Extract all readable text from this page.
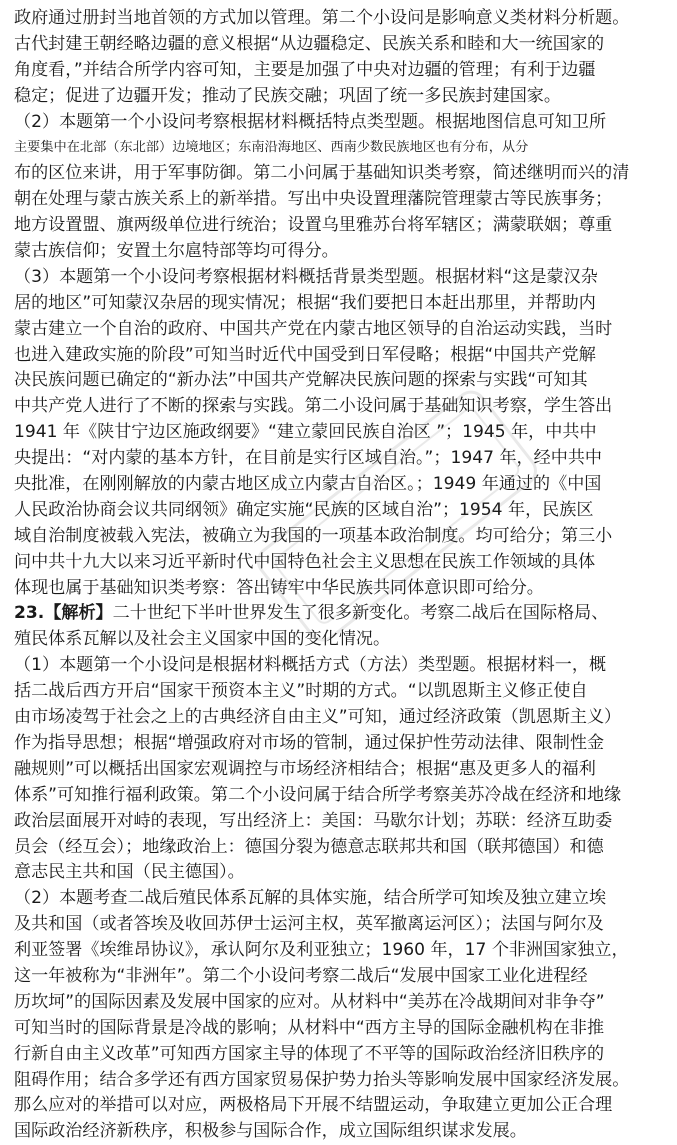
政府通过册封当地首领的方式加以管理。第二个小设问是影响意义类材料分析题。
古代封建王朝经略边疆的意义根据“从边疆稳定、民族关系和睦和大一统国家的
角度看，”并结合所学内容可知，主要是加强了中央对边疆的管理；有利于边疆
稳定；促进了边疆开发；推动了民族交融；巩固了统一多民族封建国家。
（2）本题第一个小设问考察根据材料概括特点类型题。根据地图信息可知卫所
主要集中在北部（东北部）边境地区；东南沿海地区、西南少数民族地区也有分布，从分
布的区位来讲，用于军事防御。第二小问属于基础知识类考察，简述继明而兴的清
朝在处理与蒙古族关系上的新举措。写出中央设置理藩院管理蒙古等民族事务；
地方设置盟、旗两级单位进行统治；设置乌里雅苏台将军辖区；满蒙联姻；尊重
蒙古族信仰；安置土尔扈特部等均可得分。
（3）本题第一个小设问考察根据材料概括背景类型题。根据材料“这是蒙汉杂
居的地区”可知蒙汉杂居的现实情况；根据“我们要把日本赶出那里，并帮助内
蒙古建立一个自治的政府、中国共产党在内蒙古地区领导的自治运动实践，当时
也进入建政实施的阶段”可知当时近代中国受到日军侵略；根据“中国共产党解
决民族问题已确定的“新办法”中国共产党解决民族问题的探索与实践“可知其
中共产党人进行了不断的探索与实践。第二小设问属于基础知识考察，学生答出
1941 年《陕甘宁边区施政纲要》“建立蒙回民族自治区 ”；1945 年，中共中
央提出：“对内蒙的基本方针，在目前是实行区域自治。”；1947 年，经中共中
央批准，在刚刚解放的内蒙古地区成立内蒙古自治区。；1949 年通过的《中国
人民政治协商会议共同纲领》确定实施“民族的区域自治”；1954 年，民族区
域自治制度被载入宪法，被确立为我国的一项基本政治制度。均可给分；第三小
问中共十九大以来习近平新时代中国特色社会主义思想在民族工作领域的具体
体现也属于基础知识类考察：答出铸牢中华民族共同体意识即可给分。
23.【解析】二十世纪下半叶世界发生了很多新变化。考察二战后在国际格局、
殖民体系瓦解以及社会主义国家中国的变化情况。
（1）本题第一个小设问是根据材料概括方式（方法）类型题。根据材料一，概
括二战后西方开启“国家干预资本主义”时期的方式。“以凯恩斯主义修正使自
由市场凌驾于社会之上的古典经济自由主义”可知，通过经济政策（凯恩斯主义）
作为指导思想；根据“增强政府对市场的管制，通过保护性劳动法律、限制性金
融规则”可以概括出国家宏观调控与市场经济相结合；根据“惠及更多人的福利
体系”可知推行福利政策。第二个小设问属于结合所学考察美苏冷战在经济和地缘
政治层面展开对峙的表现，写出经济上：美国：马歇尔计划；苏联：经济互助委
员会（经互会）；地缘政治上：德国分裂为德意志联邦共和国（联邦德国）和德
意志民主共和国（民主德国）。
（2）本题考查二战后殖民体系瓦解的具体实施，结合所学可知埃及独立建立埃
及共和国（或者答埃及收回苏伊士运河主权，英军撤离运河区）；法国与阿尔及
利亚签署《埃维昂协议》，承认阿尔及利亚独立；1960 年，17 个非洲国家独立，
这一年被称为“非洲年”。第二个小设问考察二战后“发展中国家工业化进程经
历坎坷”的国际因素及发展中国家的应对。从材料中“美苏在冷战期间对非争夺”
可知当时的国际背景是冷战的影响；从材料中“西方主导的国际金融机构在非推
行新自由主义改革”可知西方国家主导的体现了不平等的国际政治经济旧秩序的
阻碍作用；结合多学还有西方国家贸易保护势力抬头等影响发展中国家经济发展。
那么应对的举措可以对应，两极格局下开展不结盟运动，争取建立更加公正合理
国际政治经济新秩序，积极参与国际合作，成立国际组织谋求发展。
